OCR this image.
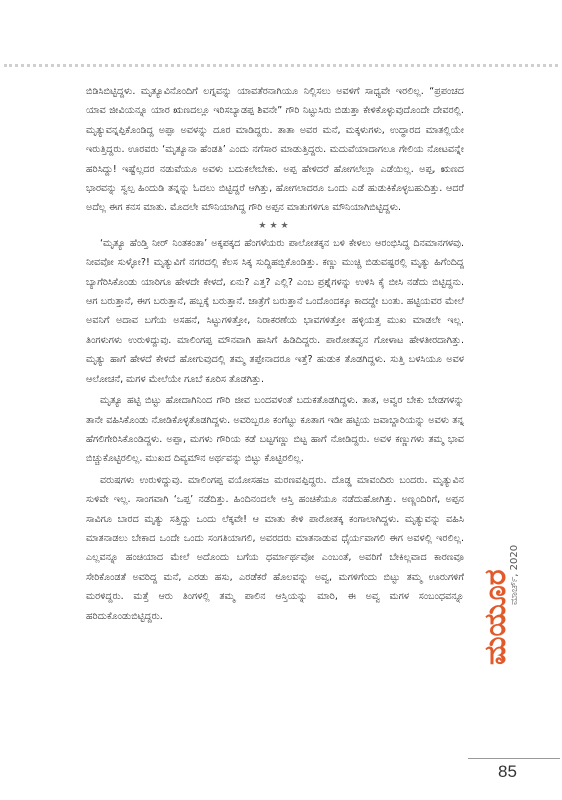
ಬಿಡಿಸಿಬಿಟ್ಟಿದ್ದಳು. ಮೃತ್ಯೂವಿನೊಂದಿಗೆ ಲಗ್ನವನ್ನು ಯಾವತೆರನಾಗಿಯೂ ನಿಲ್ಲಿಸಲು ಅವಳಿಗೆ ಸಾಧ್ಯವೇ ಇರಲಿಲ್ಲ. “ಪ್ರಪಂಚದ ಯಾವ ಜೀವಿಯನ್ನೂ ಯಾರ ಋಣದಲ್ಲೂ ಇರಿಸಬ್ಯಾಡಪ್ಪ ಶಿವನೇ” ಗೌರಿ ನಿಟ್ಟುಸಿರು ಬಿಡುತ್ತಾ ಕೇಳಿಕೊಳ್ಳುವುದೊಂದೇ ದೇವರಲ್ಲಿ. ಮೃತ್ಯುವನ್ನಪ್ಪಿಕೊಂಡಿದ್ದ ಅಪ್ಪಾ ಅವಳನ್ನು ದೂರ ಮಾಡಿದ್ದರು. ತಾತಾ ಅವರ ಮನೆ, ಮಕ್ಕಳುಗಳು, ಉದ್ಧಾರದ ಮಾತಲ್ಲಿಯೇ ಇರುತ್ತಿದ್ದರು. ಊರವರು ‘ಮೃತ್ಯೂನಾ ಹೆಂಡತಿ’ ಎಂದು ನಗೆಸಾರ ಮಾಡುತ್ತಿದ್ದರು. ಮದುವೆಯಾದಾಗಲೂ ಗೇಲಿಯ ನೋಟವನ್ನೇ ಹರಿಸಿದ್ದು! ಇಷ್ಟೆಲ್ಲದರ ನಡುವೆಯೂ ಅವಳು ಬದುಕಲೇಬೇಕು. ಅಪ್ಪ ಹೇಳಿದರೆ ಹೋಗಲೆಲ್ಲುಾ ಎಡೆಯಿಲ್ಲ. ಅಪ್ಪ, ಋಣದ ಭಾರವನ್ನು ಸ್ವಲ್ಪ ಹಿಂದುಡಿ ತನ್ನನ್ನು ಓದಲು ಬಿಟ್ಟಿದ್ದರೆ ಆಗಿತ್ತು, ಹೋಗಲಾದರೂ ಒಂದು ಎಡೆ ಹುಡುಕಿಕೊಳ್ಳಬಹುದಿತ್ತು. ಆದರೆ ಅದೆಲ್ಲ ಈಗ ಕನಸ ಮಾತು. ಮೊದಲೇ ಮೌನಿಯಾಗಿದ್ದ ಗೌರಿ ಅಪ್ಪನ ಮಾತುಗಳಿಗೂ ಮೌನಿಯಾಗಿಬಿಟ್ಟಿದ್ದಳು.

★★★

‘ಮೃತ್ಯೂ ಹೆಂಡ್ತಿ ನೀರ್ ನಿಂತಕಂತಾ’ ಅಕ್ಕಪಕ್ಕದ ಹೆಂಗಳೆಯರು ಪಾಲೋತಕ್ಕನ ಬಳಿ ಕೇಳಲು ಆರಂಭಿಸಿದ್ದ ದಿನಮಾನಗಳವು. ನೀವವೋ ಸುಳ್ಳೋ?! ಮೃತ್ಯುವಿಗೆ ನಗರದಲ್ಲಿ ಕೆಲಸ ಸಿಕ್ಕ ಸುದ್ದಿಹಬ್ಬಿಕೊಂಡಿತ್ತು. ಕಣ್ಣು ಮುಚ್ಚಿ ಬಿಡುವಷ್ಟರಲ್ಲಿ ಮೃತ್ಯು ಹಿಗೆಂದಿದ್ದ ಬ್ಯಾಗೆರಿಸಿಕೊಂಡು ಯಾರಿಗೂ ಹೇಳದೇ ಕೇಳದೆ, ಏನು? ಎತ್ತ? ಎಲ್ಲಿ? ಎಂಬ ಪ್ರಶ್ನೆಗಳನ್ನು ಉಳಿಸಿ ಕೈ ಬೀಸಿ ನಡೆದು ಬಿಟ್ಟಿದ್ದನು. ಆಗ ಬರುತ್ತಾನೆ, ಈಗ ಬರುತ್ತಾನೆ, ಹಬ್ಬಕ್ಕೆ ಬರುತ್ತಾನೆ. ಜಾತ್ರೆಗೆ ಬರುತ್ತಾನೆ ಒಂದೊಂದಕ್ಕೂ ಕಾದದ್ದೇ ಬಂತು. ಹಟ್ಟಿಯವರ ಮೇಲೆ ಅವನಿಗೆ ಅದಾವ ಬಗೆಯ ಅಸಹನೆ, ಸಿಟ್ಟುಗಳಿತ್ತೋ, ನಿರಾಕರಣೆಯ ಭಾವಗಳಿತ್ತೋ ಹಳ್ಳಿಯತ್ತ ಮುಖ ಮಾಡಲೇ ಇಲ್ಲ. ತಿಂಗಳುಗಳು ಉರುಳಿದ್ದುವು. ಮಾಲಿಂಗಪ್ಪ ಮೌನವಾಗಿ ಹಾಸಿಗೆ ಹಿಡಿದಿದ್ದರು. ಪಾರೋತವ್ವನ ಗೋಳಾಟ ಹೇಳತೀರದಾಗಿತ್ತು. ಮೃತ್ಯು ಹಾಗೆ ಹೇಳದೆ ಕೇಳದೆ ಹೋಗುವುದಲ್ಲಿ ತಮ್ಮ ತಪ್ಪೇನಾದರೂ ಇತ್ತೆ? ಹುಡುಕ ತೊಡಗಿದ್ದಳು. ಸುತ್ತಿ ಬಳಸಿಯೂ ಅವಳ ಆಲೋಚನೆ, ಮಗಳ ಮೇಲೆಯೇ ಗೂಬೆ ಕೂರಿಸ ತೊಡಗಿತ್ತು.

ಮೃತ್ಯೂ ಹಟ್ಟಿ ಬಿಟ್ಟು ಹೋದಾಗಿನಿಂದ ಗೌರಿ ಜೀವ ಬಂದವಳಂತೆ ಬದುಕತೊಡಗಿದ್ದಳು. ತಾತ, ಅವ್ವರ ಬೇಕು ಬೇಡಗಳನ್ನು ತಾನೇ ವಹಿಸಿಕೊಂಡು ನೋಡಿಕೊಳ್ಳತೊಡಗಿದ್ದಳು. ಅವರಿಬ್ಬರೂ ಕಂಗೆಟ್ಟು ಕೂತಾಗ ಇಡೀ ಹಟ್ಟಿಯ ಜವಾಬ್ದಾರಿಯನ್ನು ಅವಳು ತನ್ನ ಹೆಗಲಿಗೇರಿಸಿಕೊಂಡಿದ್ದಳು. ಅಪ್ಪಾ, ಮಗಳು ಗೌರಿಯ ಕಡೆ ಬಟ್ಟಗಣ್ಣು ಬಿಟ್ಟ ಹಾಗೆ ನೋಡಿದ್ದರು. ಅವಳ ಕಣ್ಣುಗಳು ತಮ್ಮ ಭಾವ ಬಿಚ್ಚುಕೊಟ್ಟಿರಲಿಲ್ಲ. ಮುಖದ ದಿವ್ಯಮೌನ ಅರ್ಥವನ್ನು ಬಿಟ್ಟು ಕೊಟ್ಟಿರಲಿಲ್ಲ.

ವರುಷಗಳು ಉರುಳಿದ್ದುವು. ಮಾಲಿಂಗಪ್ಪ ವಯೋಸಹಜ ಮರಣವಪ್ಪಿದ್ದರು. ದೊಡ್ಡ ಮಾವಂದಿರು ಬಂದರು. ಮೃತ್ಯುವಿನ ಸುಳಿವೇ ಇಲ್ಲ. ಸಾಂಗವಾಗಿ ‘ಒಪ್ಪ’ ನಡೆದಿತ್ತು. ಹಿಂದಿನಂದಲೇ ಆಸ್ತಿ ಹಂಚಿಕೆಯೂ ನಡೆದುಹೋಗಿತ್ತು. ಅಣ್ಣಂದಿರಿಗೆ, ಅಪ್ಪನ ಸಾವಿಗೂ ಬಾರದ ಮೃತ್ಯು ಸತ್ತಿದ್ದು ಒಂದು ಲೆಕ್ಕವೇ! ಆ ಮಾತು ಕೇಳಿ ಪಾರೋತಕ್ಕ ಕಂಗಾಲಾಗಿದ್ದಳು. ಮೃತ್ಯುವನ್ನು ವಹಿಸಿ ಮಾತನಾಡಲು ಬೇಕಾದ ಒಂದೇ ಒಂದು ಸಂಗತಿಯಾಗಲಿ, ಅವರದರು ಮಾತನಾಡುವ ಧೈರ್ಯವಾಗಲಿ ಈಗ ಅವಳಲ್ಲಿ ಇರಲಿಲ್ಲ. ಎಲ್ಲವನ್ನೂ ಹಂಚಿಯಾದ ಮೇಲೆ ಅದೊಂದು ಬಗೆಯ ಧರ್ಮಾರ್ಥವೋ ಎಂಬಂತೆ, ಅವರಿಗೆ ಬೇಕಿಲ್ಲವಾದ ಕಾರಣವೂ ಸೇರಿಕೊಂಡತೆ ಅವರಿದ್ದ ಮನೆ, ಎರಡು ಹಸು, ಎರಡೆಕರೆ ಹೊಲವನ್ನು ಅವ್ವ, ಮಗಳಿಗೆಂದು ಬಿಟ್ಟು ತಮ್ಮ ಊರುಗಳಿಗೆ ಮರಳಿದ್ದರು. ಮತ್ತೆ ಆರು ತಿಂಗಳಲ್ಲಿ ತಮ್ಮ ಪಾಲಿನ ಆಸ್ತಿಯನ್ನು ಮಾರಿ, ಈ ಅವ್ವ ಮಗಳ ಸಂಬಂಧವನ್ನೂ ಹರಿದುಕೊಂಡುಬಿಟ್ಟಿದ್ದರು.	ಮಯೂರ
ಮಾರ್ಚ್, 2020
85
